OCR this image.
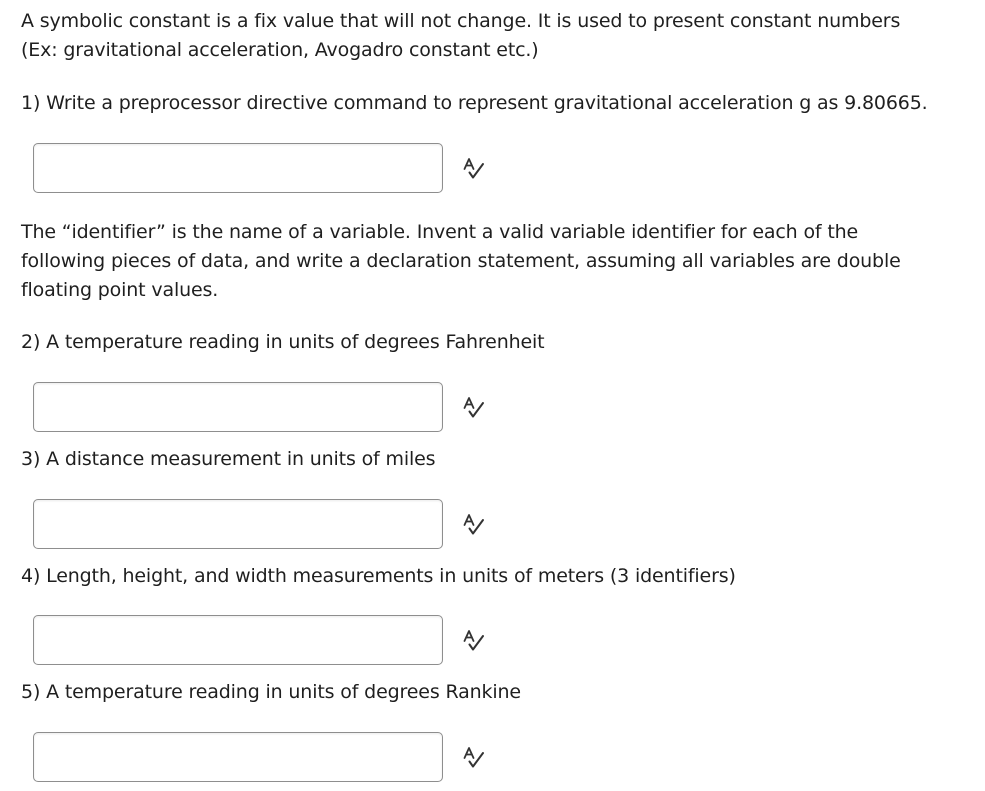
A symbolic constant is a fix value that will not change. It is used to present constant numbers (Ex: gravitational acceleration, Avogadro constant etc.)

1) Write a preprocessor directive command to represent gravitational acceleration g as 9.80665.

The “identifier” is the name of a variable. Invent a valid variable identifier for each of the following pieces of data, and write a declaration statement, assuming all variables are double floating point values.

2) A temperature reading in units of degrees Fahrenheit

3) A distance measurement in units of miles

4) Length, height, and width measurements in units of meters (3 identifiers)

5) A temperature reading in units of degrees Rankine
